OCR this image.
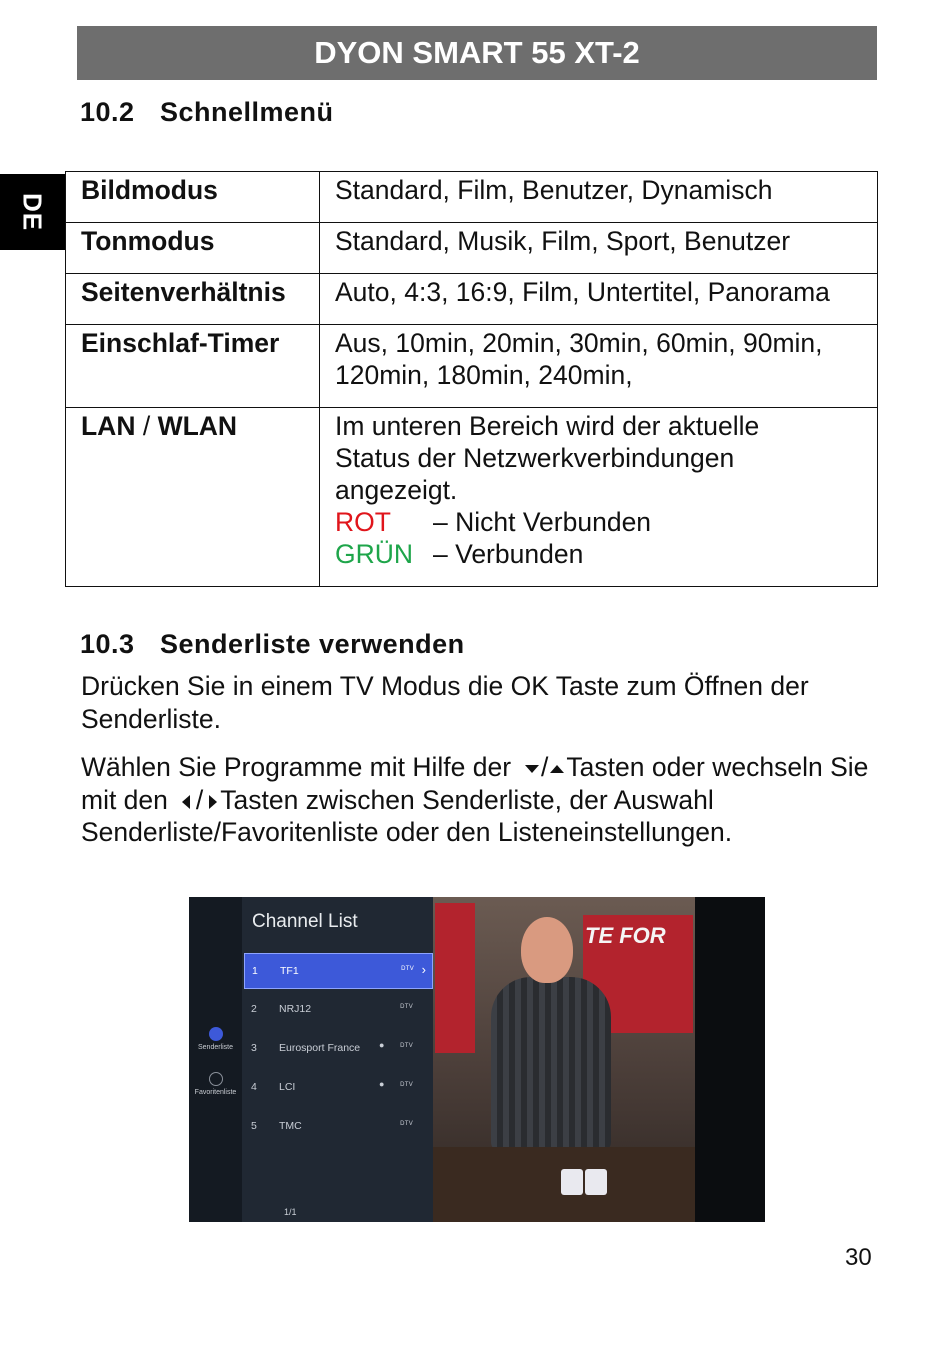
DYON SMART 55 XT-2
DE
10.2 Schnellmenü
Bildmodus	Standard, Film, Benutzer, Dynamisch
Tonmodus	Standard, Musik, Film, Sport, Benutzer
Seitenverhältnis	Auto, 4:3, 16:9, Film, Untertitel, Panorama
Einschlaf-Timer	Aus, 10min, 20min, 30min, 60min, 90min,
120min, 180min, 240min,

LAN / WLAN	Im unteren Bereich wird der aktuelle
Status der Netzwerkverbindungen
angezeigt.
ROT – Nicht Verbunden
GRÜN – Verbunden
10.3 Senderliste verwenden
Drücken Sie in einem TV Modus die OK Taste zum Öffnen der Senderliste.
Wählen Sie Programme mit Hilfe der / Tasten oder wechseln Sie mit den / Tasten zwischen Senderliste, der Auswahl Senderliste/Favoritenliste oder den Listeneinstellungen.
Senderliste
Favoritenliste
Channel List
1 TF1	DTV ›
2 NRJ12	DTV
3 Eurosport France ●	DTV
4 LCI	●	DTV
5 TMC	DTV
1/1
TE FOR
30
